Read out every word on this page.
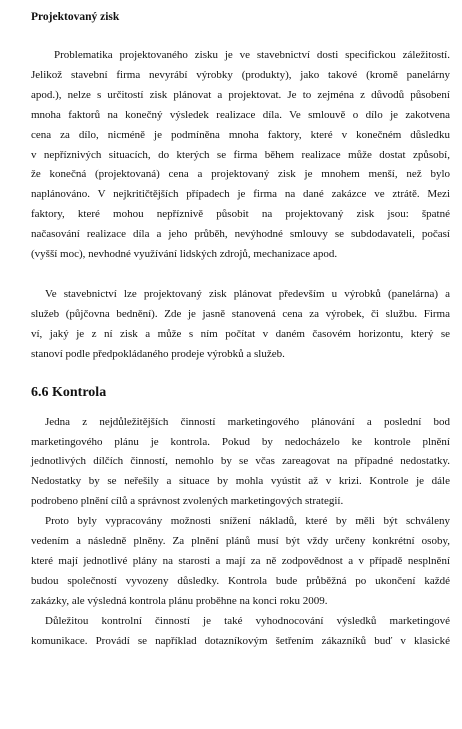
Projektovaný zisk
Problematika projektovaného zisku je ve stavebnictví dosti specifickou záležitostí.
Jelikož stavební firma nevyrábí výrobky (produkty), jako takové (kromě panelárny
apod.), nelze s určitostí zisk plánovat a projektovat. Je to zejména z důvodů působení
mnoha faktorů na konečný výsledek realizace díla. Ve smlouvě o dílo je zakotvena
cena za dílo, nicméně je podmíněna mnoha faktory, které v konečném důsledku
v nepříznivých situacích, do kterých se firma během realizace může dostat způsobí,
že konečná (projektovaná) cena a projektovaný zisk je mnohem menší, než bylo
naplánováno. V nejkritičtějších případech je firma na dané zakázce ve ztrátě. Mezi
faktory, které mohou nepříznivě působit na projektovaný zisk jsou: špatné
načasování realizace díla a jeho průběh, nevýhodné smlouvy se subdodavateli, počasí
(vyšší moc), nevhodné využívání lidských zdrojů, mechanizace apod.
Ve stavebnictví lze projektovaný zisk plánovat především u výrobků (panelárna) a
služeb (půjčovna bednění). Zde je jasně stanovená cena za výrobek, či službu. Firma
ví, jaký je z ní zisk a může s ním počítat v daném časovém horizontu, který se
stanoví podle předpokládaného prodeje výrobků a služeb.
6.6 Kontrola
Jedna z nejdůležitějších činností marketingového plánování a poslední bod
marketingového plánu je kontrola. Pokud by nedocházelo ke kontrole plnění
jednotlivých dílčích činností, nemohlo by se včas zareagovat na případné nedostatky.
Nedostatky by se neřešily a situace by mohla vyústit až v krizi. Kontrole je dále
podrobeno plnění cílů a správnost zvolených marketingových strategií.
Proto byly vypracovány možnosti snížení nákladů, které by měli být schváleny
vedením a následně plněny. Za plnění plánů musí být vždy určeny konkrétní osoby,
které mají jednotlivé plány na starosti a mají za ně zodpovědnost a v případě nesplnění
budou společností vyvozeny důsledky. Kontrola bude průběžná po ukončení každé
zakázky, ale výsledná kontrola plánu proběhne na konci roku 2009.
Důležitou kontrolní činností je také vyhodnocování výsledků marketingové
komunikace. Provádí se například dotazníkovým šetřením zákazníků buď v klasické
